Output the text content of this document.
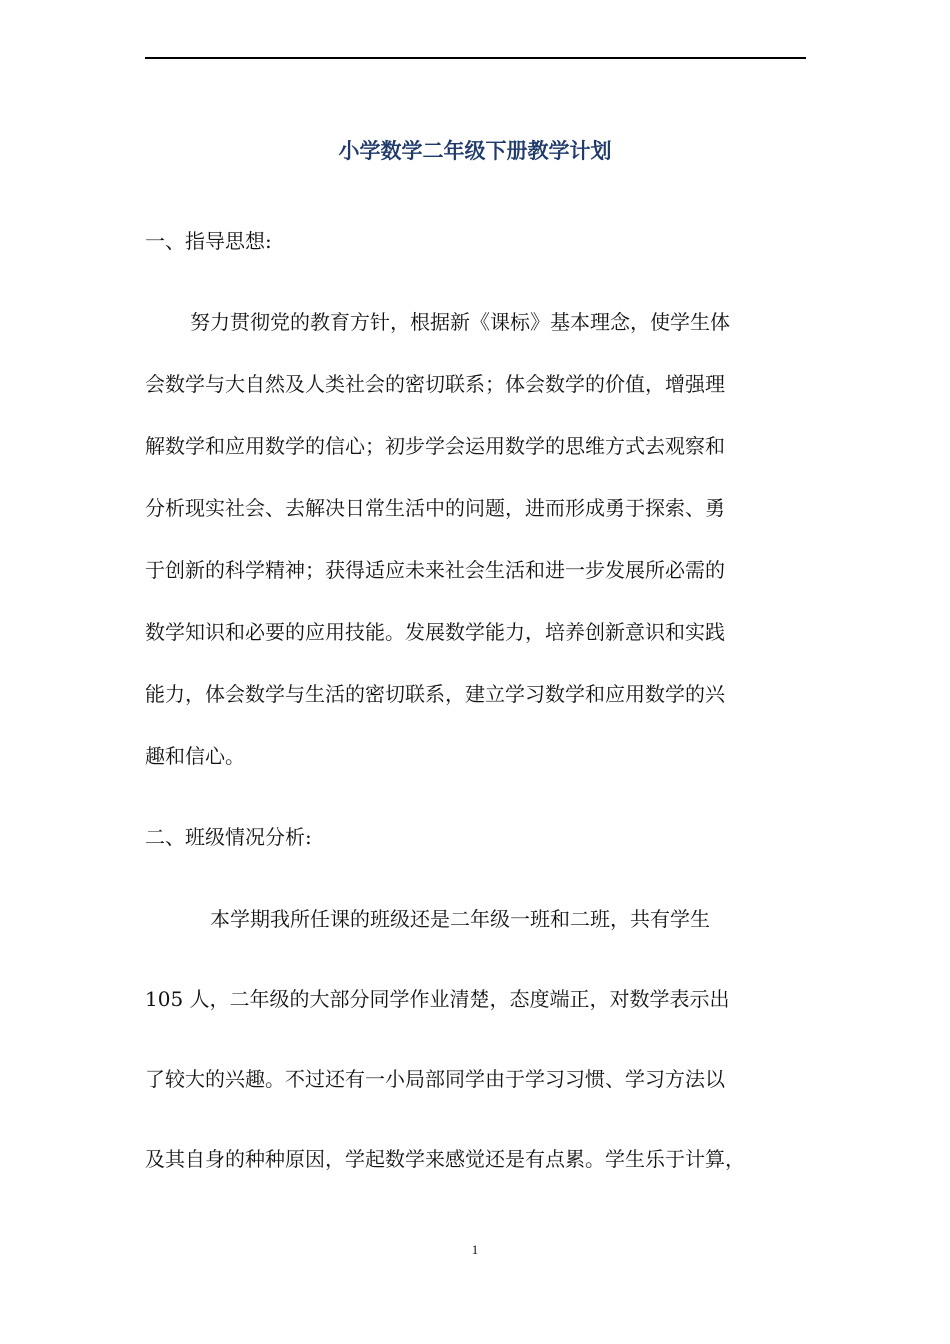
小学数学二年级下册教学计划
一、指导思想:
努力贯彻党的教育方针，根据新《课标》基本理念，使学生体
会数学与大自然及人类社会的密切联系；体会数学的价值，增强理
解数学和应用数学的信心；初步学会运用数学的思维方式去观察和
分析现实社会、去解决日常生活中的问题，进而形成勇于探索、勇
于创新的科学精神；获得适应未来社会生活和进一步发展所必需的
数学知识和必要的应用技能。发展数学能力，培养创新意识和实践
能力，体会数学与生活的密切联系，建立学习数学和应用数学的兴
趣和信心。
二、班级情况分析:
本学期我所任课的班级还是二年级一班和二班，共有学生
105 人，二年级的大部分同学作业清楚，态度端正，对数学表示出
了较大的兴趣。不过还有一小局部同学由于学习习惯、学习方法以
及其自身的种种原因，学起数学来感觉还是有点累。学生乐于计算，
1
